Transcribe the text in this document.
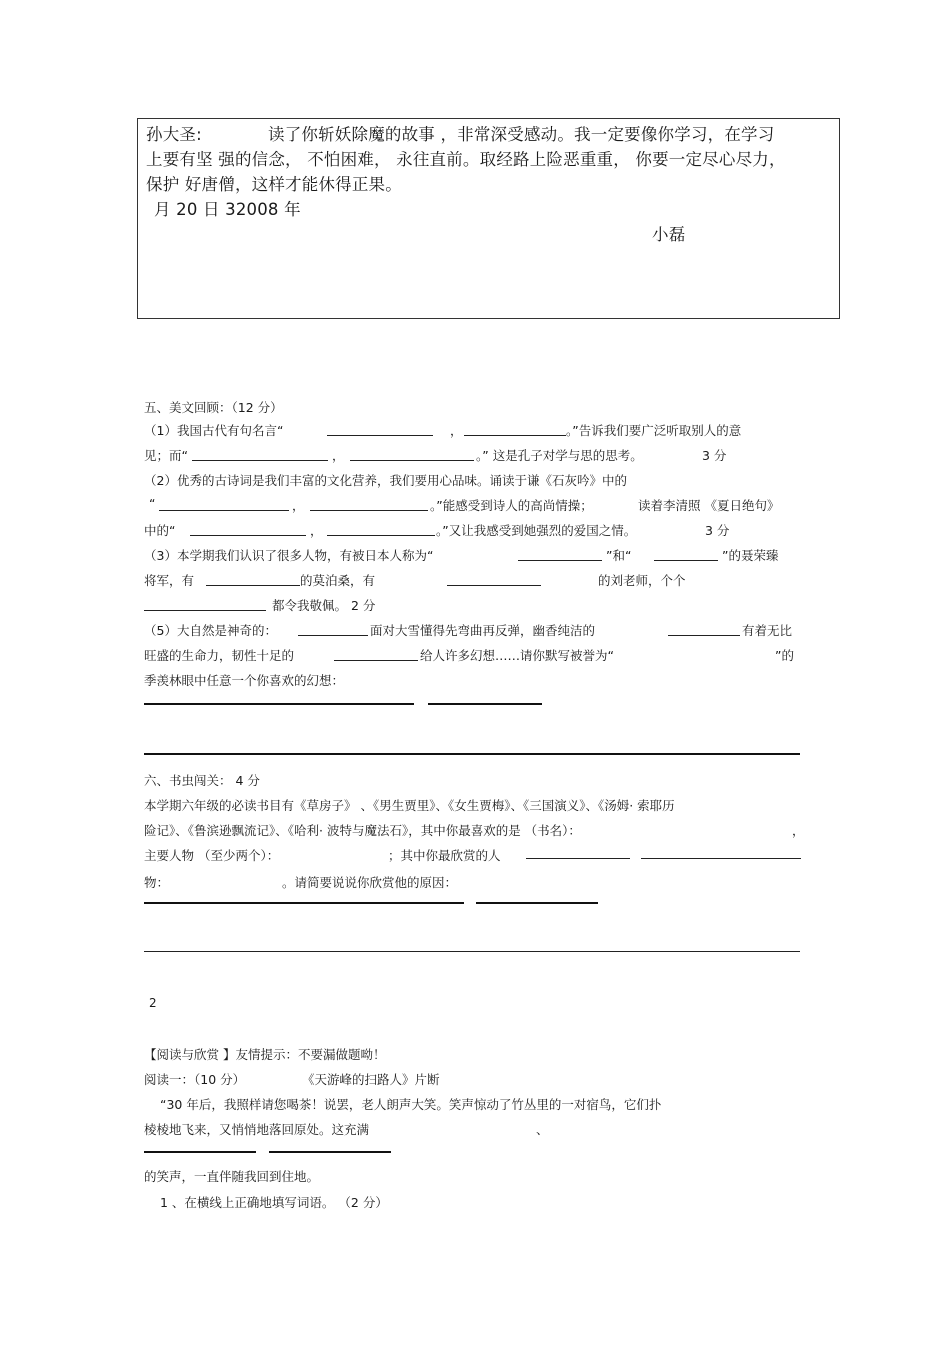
孙大圣:	读了你斩妖除魔的故事 ，非常深受感动。我一定要像你学习，在学习
上要有坚 强的信念， 不怕困难， 永往直前。取经路上险恶重重， 你要一定尽心尽力，
保护 好唐僧，这样才能休得正果。
月 20 日 32008 年
小磊
五、美文回顾：（12 分）
（1）我国古代有句名言“	，	。”告诉我们要广泛听取别人的意
见；而“	，	。” 这是孔子对学与思的思考。	3 分
（2）优秀的古诗词是我们丰富的文化营养，我们要用心品味。诵读于谦《石灰吟》中的
“	，	。”能感受到诗人的高尚情操；	读着李清照 《夏日绝句》
中的“	，	。”又让我感受到她强烈的爱国之情。	3 分
（3）本学期我们认识了很多人物，有被日本人称为“	”和“	”的聂荣臻
将军，有	的莫泊桑，有	的刘老师，个个
都令我敬佩。 2 分
（5）大自然是神奇的：	面对大雪懂得先弯曲再反弹，幽香纯洁的	有着无比
旺盛的生命力，韧性十足的	给人许多幻想……请你默写被誉为“	”的
季羡林眼中任意一个你喜欢的幻想：
六、书虫闯关： 4 分
本学期六年级的必读书目有《草房子》 、《男生贾里》、《女生贾梅》、《三国演义》、《汤姆· 索耶历
险记》、《鲁滨逊飘流记》、《哈利· 波特与魔法石》，其中你最喜欢的是 （书名）：	，
主要人物 （至少两个）：	；其中你最欣赏的人
物：	。请简要说说你欣赏他的原因：
2
【阅读与欣赏 】友情提示：不要漏做题呦！
阅读一：（10 分）	《天游峰的扫路人》片断
“30 年后，我照样请您喝茶！说罢，老人朗声大笑。笑声惊动了竹丛里的一对宿鸟，它们扑
棱棱地飞来，又悄悄地落回原处。这充满	、
的笑声，一直伴随我回到住地。
1 、在横线上正确地填写词语。 （2 分）
